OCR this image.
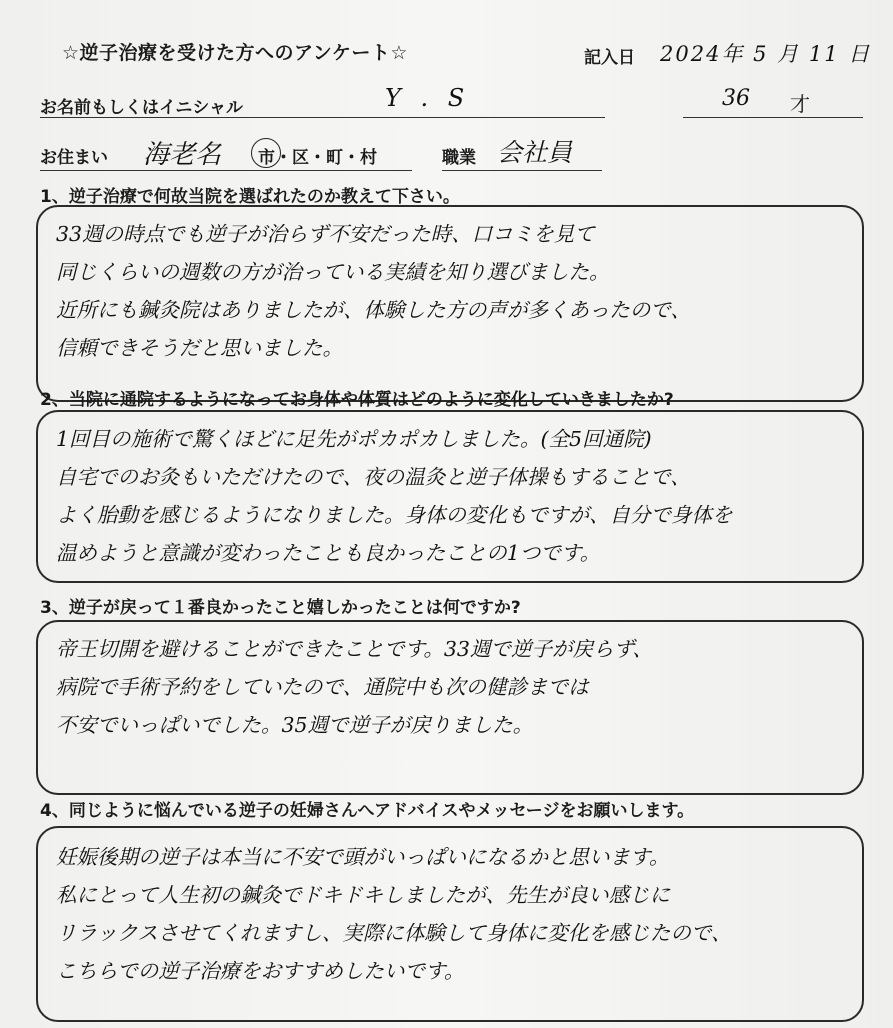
☆逆子治療を受けた方へのアンケート☆	記入日 2024年 5 月 11 日
お名前もしくはイニシャル	Y . S	36 才
お住まい 海老名 市・区・町・村	職業 会社員
1、逆子治療で何故当院を選ばれたのか教えて下さい。
33週の時点でも逆子が治らず不安だった時、口コミを見て
同じくらいの週数の方が治っている実績を知り選びました。
近所にも鍼灸院はありましたが、体験した方の声が多くあったので、
信頼できそうだと思いました。
2、当院に通院するようになってお身体や体質はどのように変化していきましたか?
1回目の施術で驚くほどに足先がポカポカしました。(全5回通院)
自宅でのお灸もいただけたので、夜の温灸と逆子体操もすることで、
よく胎動を感じるようになりました。身体の変化もですが、自分で身体を
温めようと意識が変わったことも良かったことの1つです。
3、逆子が戻って１番良かったこと嬉しかったことは何ですか?
帝王切開を避けることができたことです。33週で逆子が戻らず、
病院で手術予約をしていたので、通院中も次の健診までは
不安でいっぱいでした。35週で逆子が戻りました。
4、同じように悩んでいる逆子の妊婦さんへアドバイスやメッセージをお願いします。
妊娠後期の逆子は本当に不安で頭がいっぱいになるかと思います。
私にとって人生初の鍼灸でドキドキしましたが、先生が良い感じに
リラックスさせてくれますし、実際に体験して身体に変化を感じたので、
こちらでの逆子治療をおすすめしたいです。
